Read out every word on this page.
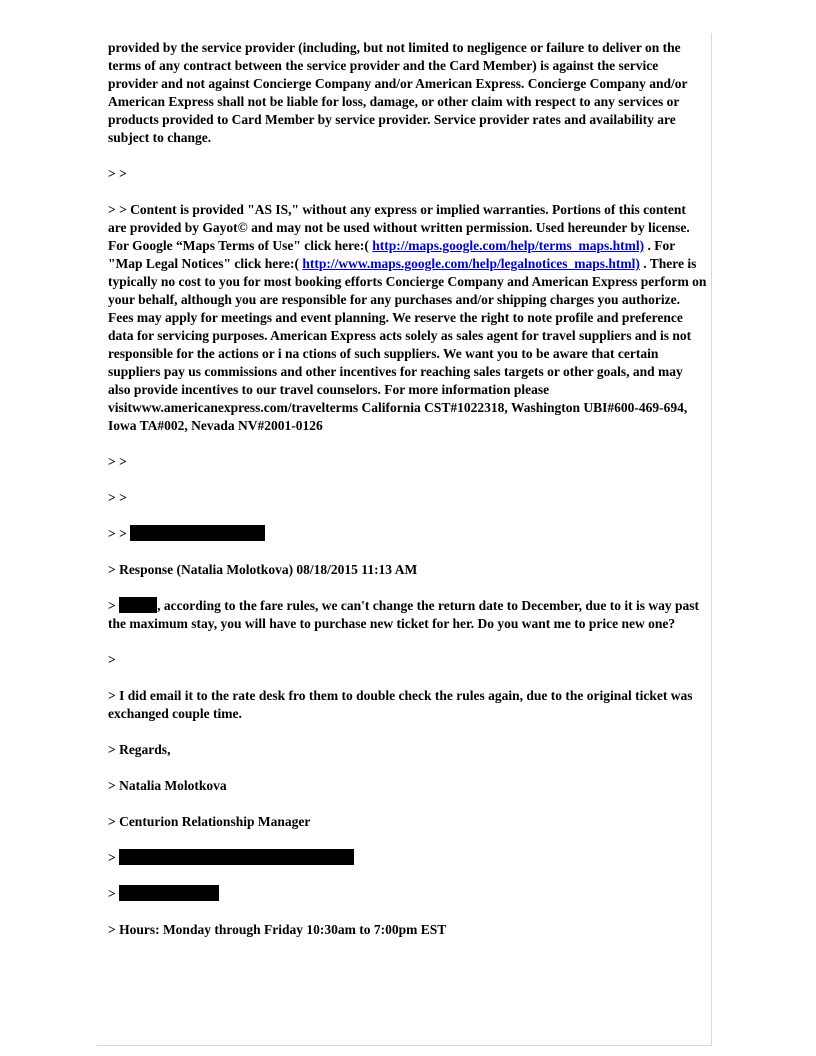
provided by the service provider (including, but not limited to negligence or failure to deliver on the terms of any contract between the service provider and the Card Member) is against the service provider and not against Concierge Company and/or American Express. Concierge Company and/or American Express shall not be liable for loss, damage, or other claim with respect to any services or products provided to Card Member by service provider. Service provider rates and availability are subject to change.

> >

> > Content is provided "AS IS," without any express or implied warranties. Portions of this content are provided by Gayot© and may not be used without written permission. Used hereunder by license. For Google “Maps Terms of Use" click here:( http://maps.google.com/help/terms_maps.html) . For "Map Legal Notices" click here:( http://www.maps.google.com/help/legalnotices_maps.html) . There is typically no cost to you for most booking efforts Concierge Company and American Express perform on your behalf, although you are responsible for any purchases and/or shipping charges you authorize. Fees may apply for meetings and event planning. We reserve the right to note profile and preference data for servicing purposes. American Express acts solely as sales agent for travel suppliers and is not responsible for the actions or i na ctions of such suppliers. We want you to be aware that certain suppliers pay us commissions and other incentives for reaching sales targets or other goals, and may also provide incentives to our travel counselors. For more information please visitwww.americanexpress.com/travelterms California CST#1022318, Washington UBI#600-469-694, Iowa TA#002, Nevada NV#2001-0126

> >

> >

> >

> Response (Natalia Molotkova) 08/18/2015 11:13 AM

>	, according to the fare rules, we can't change the return date to December, due to it is way past the maximum stay, you will have to purchase new ticket for her. Do you want me to price new one?

>

> I did email it to the rate desk fro them to double check the rules again, due to the original ticket was exchanged couple time.

> Regards,

> Natalia Molotkova

> Centurion Relationship Manager

>

>

> Hours: Monday through Friday 10:30am to 7:00pm EST
